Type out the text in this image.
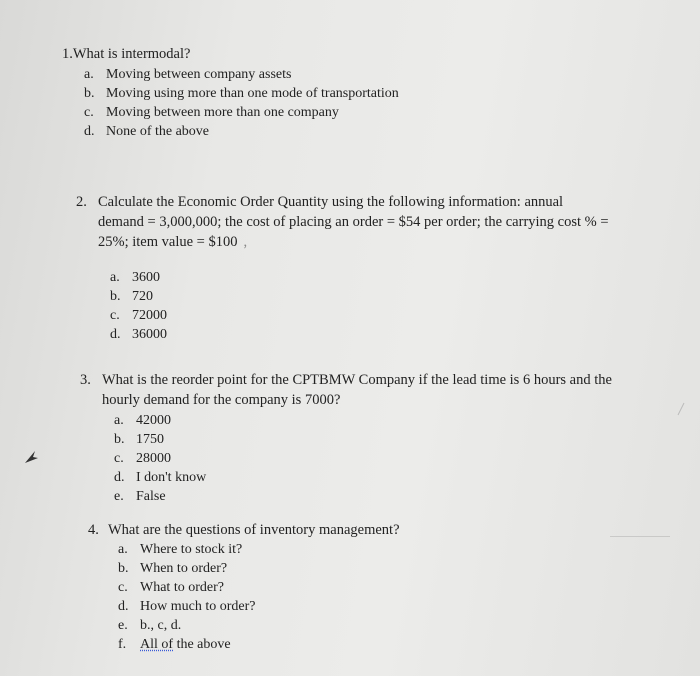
1.What is intermodal?
a. Moving between company assets
b. Moving using more than one mode of transportation
c. Moving between more than one company
d. None of the above
2. Calculate the Economic Order Quantity using the following information: annual
demand = 3,000,000; the cost of placing an order = $54 per order; the carrying cost % =
25%; item value = $100 ,
a. 3600
b. 720
c. 72000
d. 36000
3. What is the reorder point for the CPTBMW Company if the lead time is 6 hours and the
hourly demand for the company is 7000?
a. 42000
b. 1750
c. 28000
d. I don't know
e. False
4. What are the questions of inventory management?
a. Where to stock it?
b. When to order?
c. What to order?
d. How much to order?
e. b., c, d.
f. All of the above
